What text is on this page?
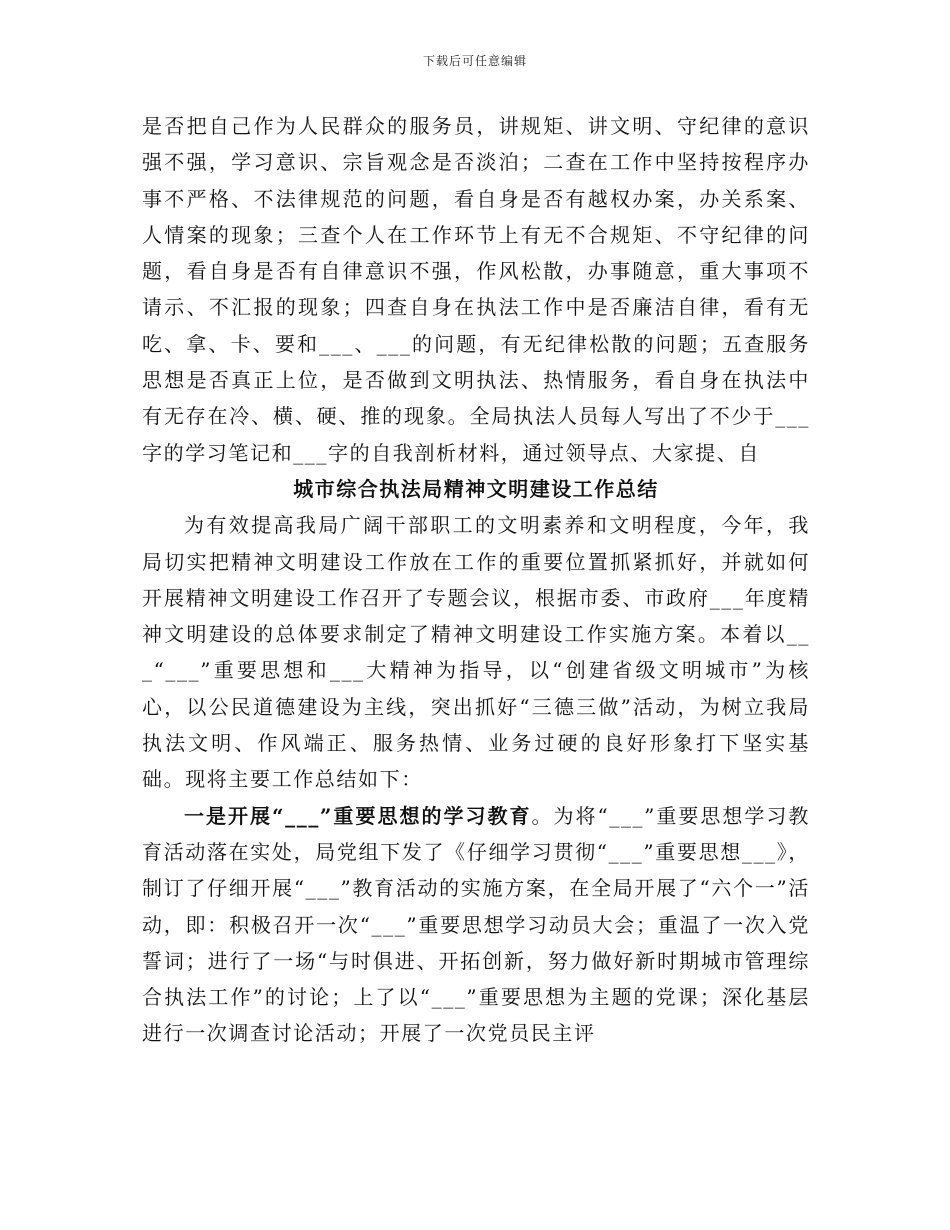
下载后可任意编辑

是否把自己作为人民群众的服务员，讲规矩、讲文明、守纪律的意识强不强，学习意识、宗旨观念是否淡泊；二查在工作中坚持按程序办事不严格、不法律规范的问题，看自身是否有越权办案，办关系案、人情案的现象；三查个人在工作环节上有无不合规矩、不守纪律的问题，看自身是否有自律意识不强，作风松散，办事随意，重大事项不请示、不汇报的现象；四查自身在执法工作中是否廉洁自律，看有无吃、拿、卡、要和___、___的问题，有无纪律松散的问题；五查服务思想是否真正上位，是否做到文明执法、热情服务，看自身在执法中有无存在冷、横、硬、推的现象。全局执法人员每人写出了不少于___字的学习笔记和___字的自我剖析材料，通过领导点、大家提、自

城市综合执法局精神文明建设工作总结

为有效提高我局广阔干部职工的文明素养和文明程度，今年，我局切实把精神文明建设工作放在工作的重要位置抓紧抓好，并就如何开展精神文明建设工作召开了专题会议，根据市委、市政府___年度精神文明建设的总体要求制定了精神文明建设工作实施方案。本着以___“___”重要思想和___大精神为指导，以“创建省级文明城市”为核心，以公民道德建设为主线，突出抓好“三德三做”活动，为树立我局执法文明、作风端正、服务热情、业务过硬的良好形象打下坚实基础。现将主要工作总结如下：

一是开展“___”重要思想的学习教育。为将“___”重要思想学习教育活动落在实处，局党组下发了《仔细学习贯彻“___”重要思想___》，制订了仔细开展“___”教育活动的实施方案，在全局开展了“六个一”活动，即：积极召开一次“___”重要思想学习动员大会；重温了一次入党誓词；进行了一场“与时俱进、开拓创新，努力做好新时期城市管理综合执法工作”的讨论；上了以“___”重要思想为主题的党课；深化基层进行一次调查讨论活动；开展了一次党员民主评
